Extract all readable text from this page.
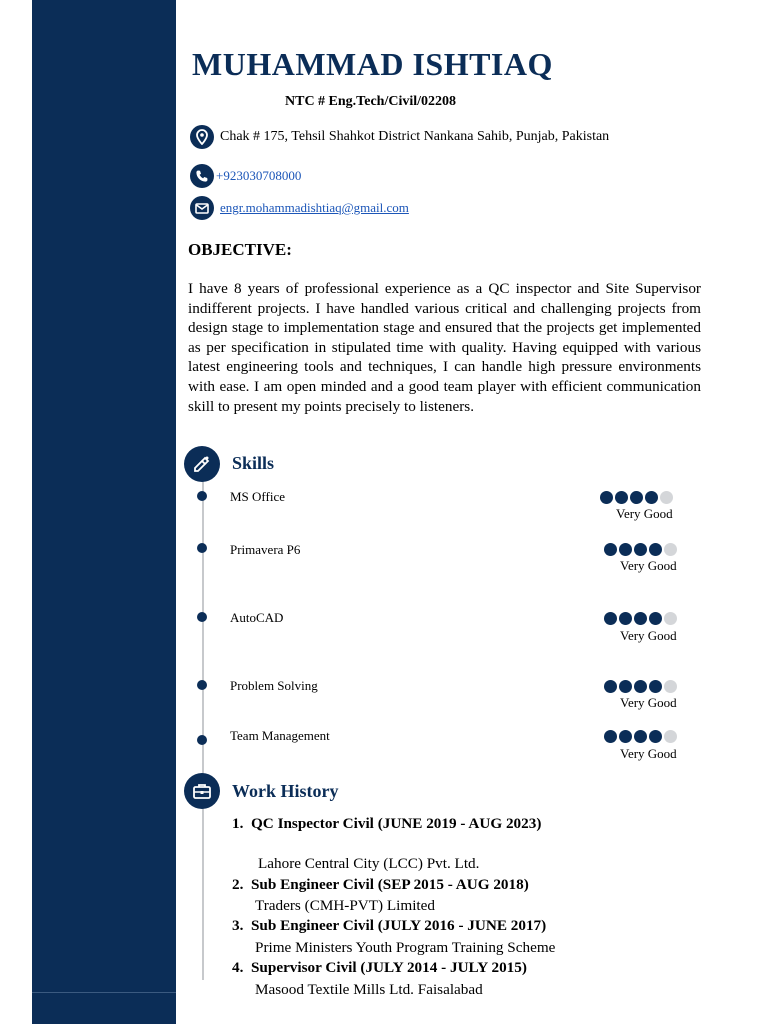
MUHAMMAD ISHTIAQ
NTC # Eng.Tech/Civil/02208
Chak # 175, Tehsil Shahkot District Nankana Sahib, Punjab, Pakistan
+923030708000
engr.mohammadishtiaq@gmail.com
OBJECTIVE:
I have 8 years of professional experience as a QC inspector and Site Supervisor indifferent projects. I have handled various critical and challenging projects from design stage to implementation stage and ensured that the projects get implemented as per specification in stipulated time with quality. Having equipped with various latest engineering tools and techniques, I can handle high pressure environments with ease. I am open minded and a good team player with efficient communication skill to present my points precisely to listeners.
Skills
MS Office
Very Good
Primavera P6
Very Good
AutoCAD
Very Good
Problem Solving
Very Good
Team Management
Very Good
Work History
1. QC Inspector Civil (JUNE 2019 - AUG 2023)
Lahore Central City (LCC) Pvt. Ltd.
2. Sub Engineer Civil (SEP 2015 - AUG 2018)
Traders (CMH-PVT) Limited
3. Sub Engineer Civil (JULY 2016 - JUNE 2017)
Prime Ministers Youth Program Training Scheme
4. Supervisor Civil (JULY 2014 - JULY 2015)
Masood Textile Mills Ltd. Faisalabad
